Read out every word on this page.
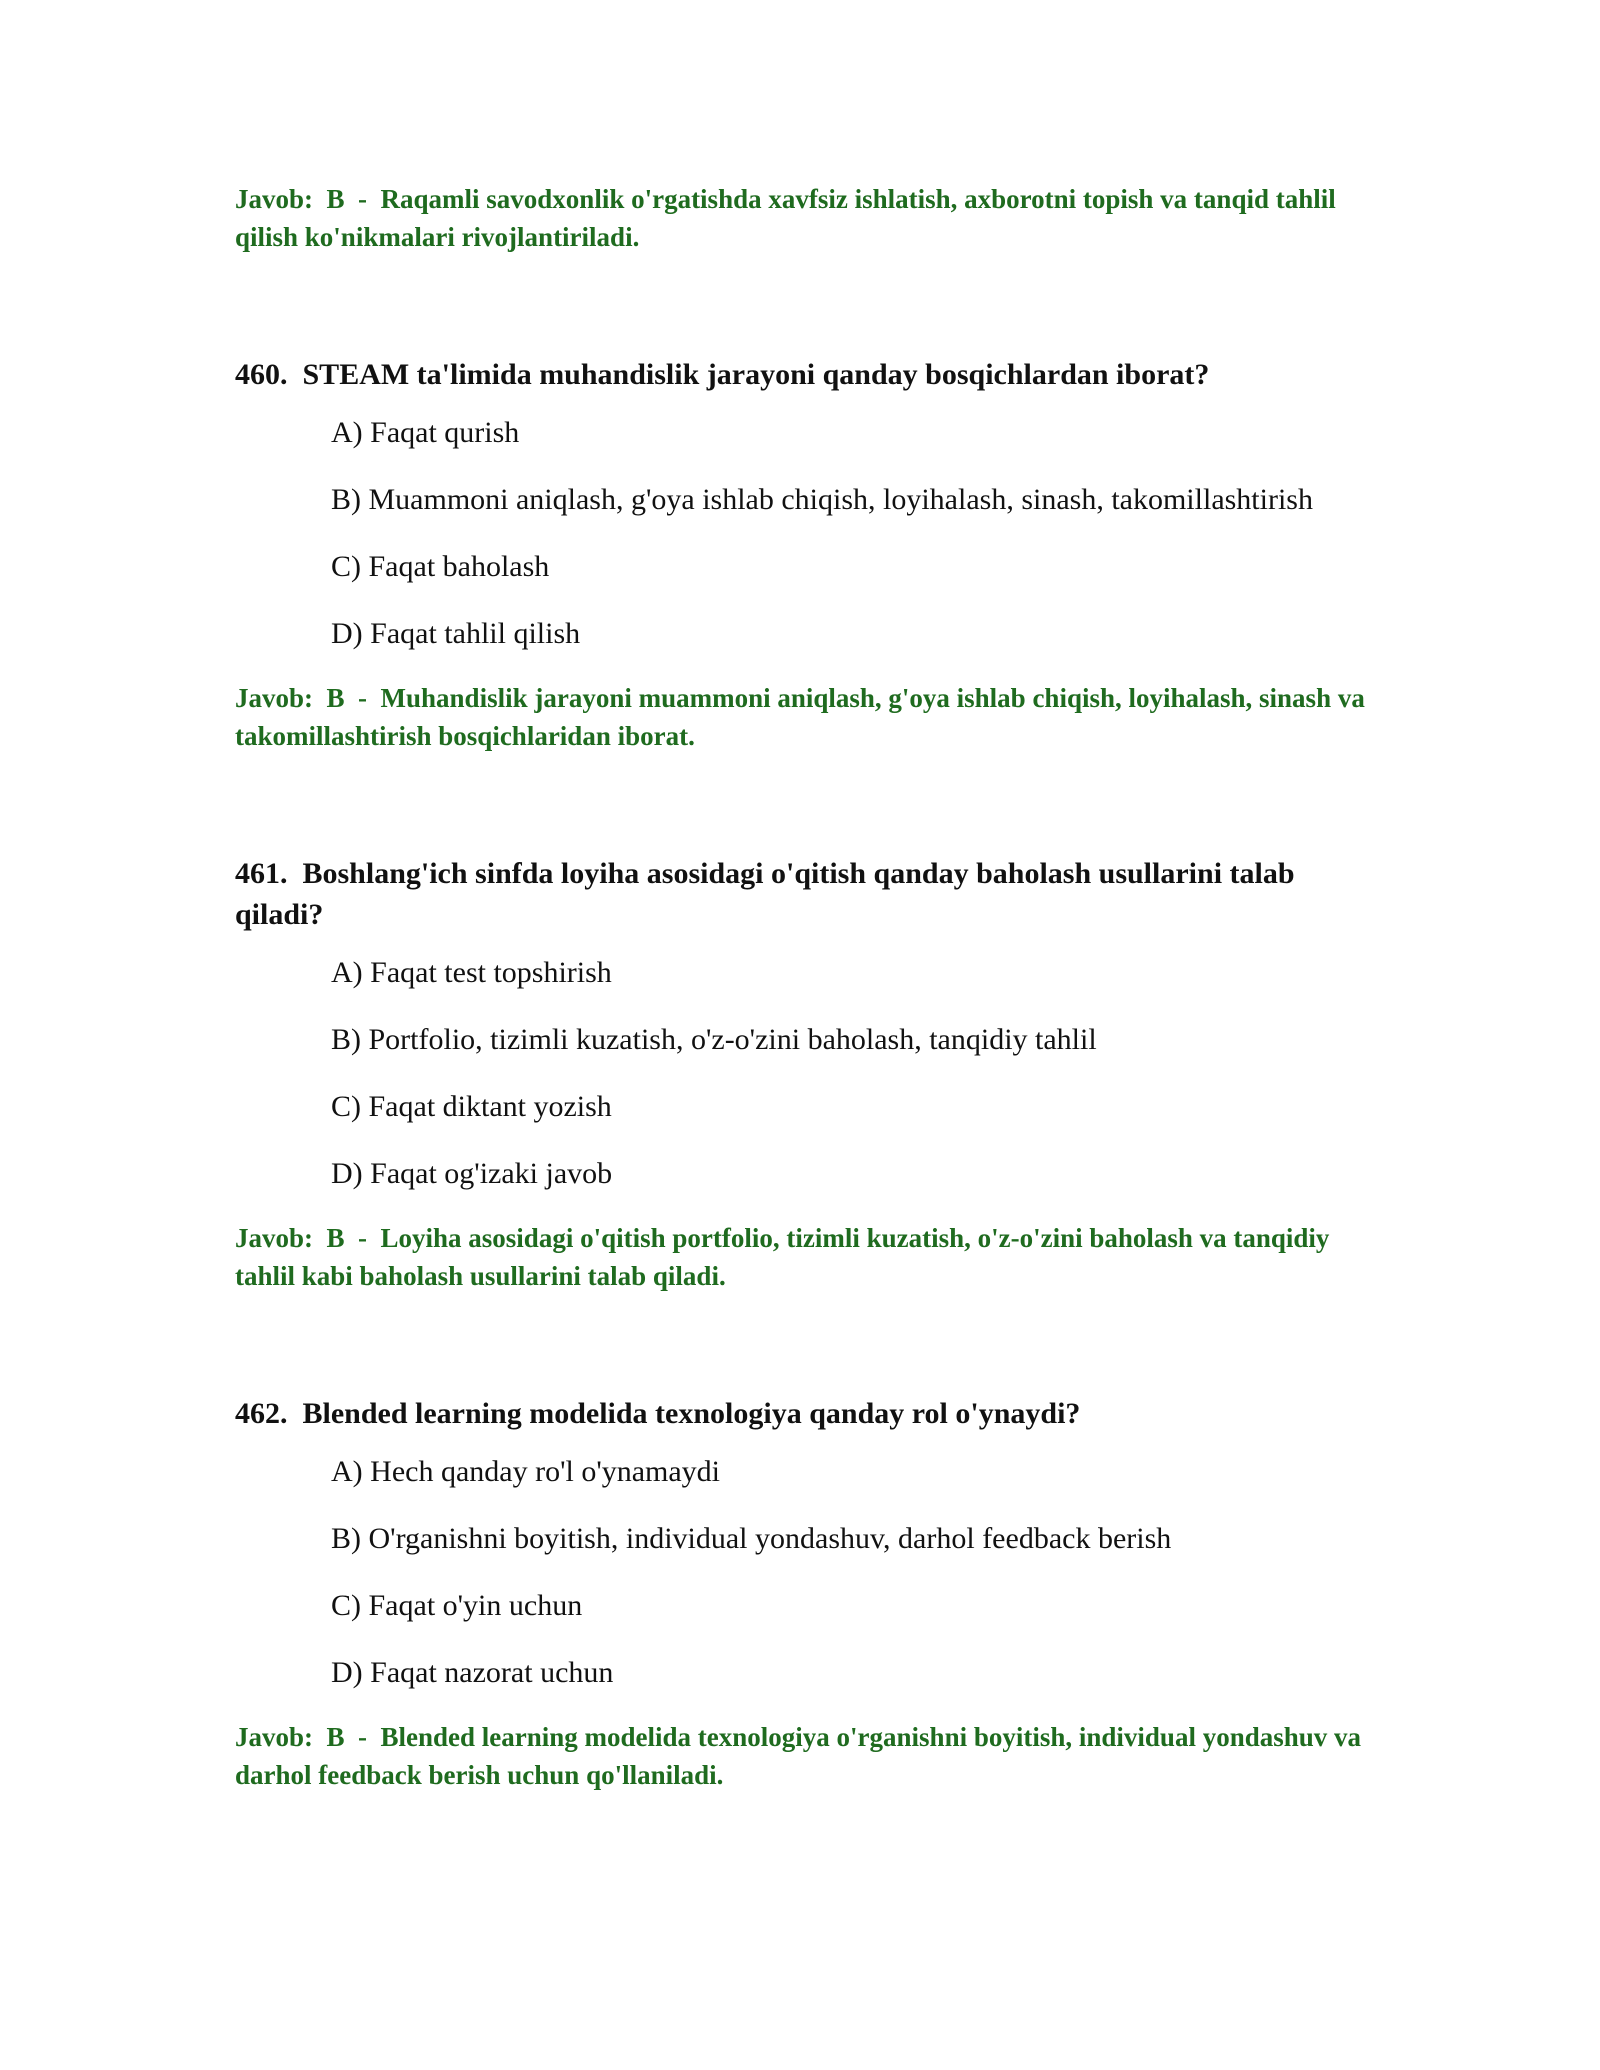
Javob:  B  -  Raqamli savodxonlik o'rgatishda xavfsiz ishlatish, axborotni topish va tanqid tahlil qilish ko'nikmalari rivojlantiriladi.

460.  STEAM ta'limida muhandislik jarayoni qanday bosqichlardan iborat?

A) Faqat qurish
B) Muammoni aniqlash, g'oya ishlab chiqish, loyihalash, sinash, takomillashtirish
C) Faqat baholash
D) Faqat tahlil qilish

Javob:  B  -  Muhandislik jarayoni muammoni aniqlash, g'oya ishlab chiqish, loyihalash, sinash va takomillashtirish bosqichlaridan iborat.

461.  Boshlang'ich sinfda loyiha asosidagi o'qitish qanday baholash usullarini talab qiladi?

A) Faqat test topshirish
B) Portfolio, tizimli kuzatish, o'z-o'zini baholash, tanqidiy tahlil
C) Faqat diktant yozish
D) Faqat og'izaki javob

Javob:  B  -  Loyiha asosidagi o'qitish portfolio, tizimli kuzatish, o'z-o'zini baholash va tanqidiy tahlil kabi baholash usullarini talab qiladi.

462.  Blended learning modelida texnologiya qanday rol o'ynaydi?

A) Hech qanday ro'l o'ynamaydi
B) O'rganishni boyitish, individual yondashuv, darhol feedback berish
C) Faqat o'yin uchun
D) Faqat nazorat uchun

Javob:  B  -  Blended learning modelida texnologiya o'rganishni boyitish, individual yondashuv va darhol feedback berish uchun qo'llaniladi.
